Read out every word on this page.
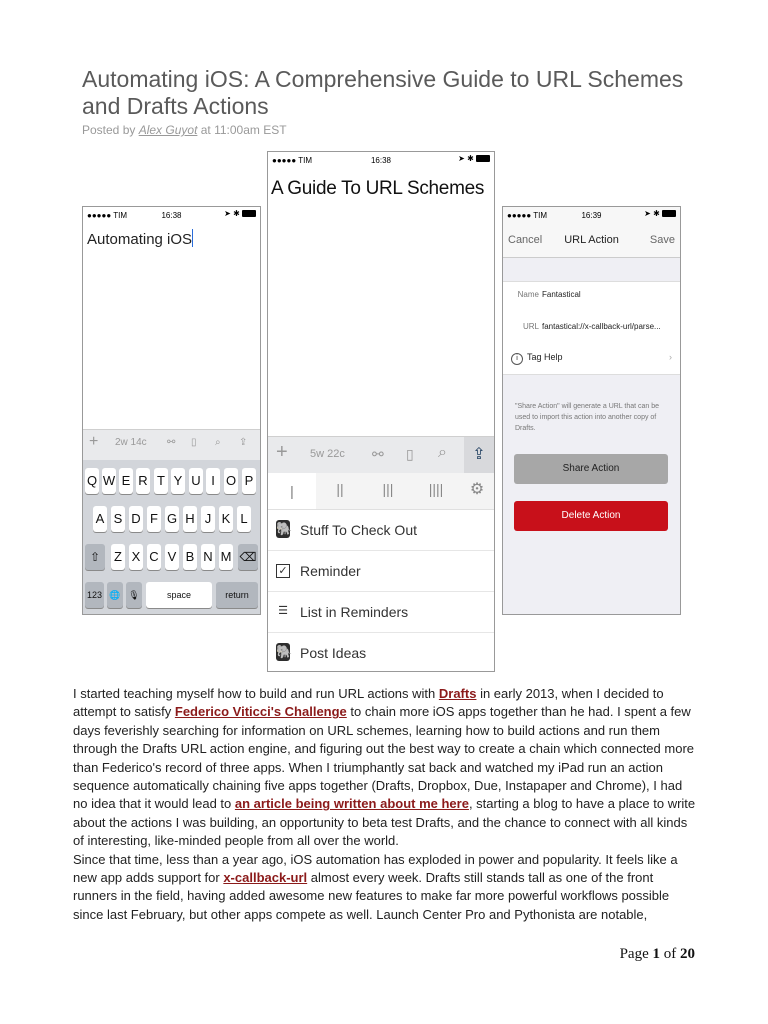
Automating iOS: A Comprehensive Guide to URL Schemes and Drafts Actions
Posted by Alex Guyot at 11:00am EST
●●●●● TIM	16:38	➤ ✱
Automating iOS
+ 2w 14c ⚯ ▯ ⌕ ⇪
Q W E R T Y U I O P
A S D F G H J K L
⇧	Z X C V B N M ⌫
123 🌐 🎙	space	return
●●●●● TIM	16:38	➤ ✱
A Guide To URL Schemes
+ 5w 22c ⚯ ▯ ⌕	⇪
|	||	|||	||||	⚙
🐘 Stuff To Check Out
✓ Reminder
☰ List in Reminders
🐘 Post Ideas
●●●●● TIM	16:39	➤ ✱
Cancel	URL Action	Save
Name Fantastical
URL fantastical://x-callback-url/parse...
i Tag Help	›
"Share Action" will generate a URL that can be used to import this action into another copy of Drafts.
Share Action
Delete Action

I started teaching myself how to build and run URL actions with Drafts in early 2013, when I decided to attempt to satisfy Federico Viticci's Challenge to chain more iOS apps together than he had. I spent a few days feverishly searching for information on URL schemes, learning how to build actions and run them through the Drafts URL action engine, and figuring out the best way to create a chain which connected more than Federico's record of three apps. When I triumphantly sat back and watched my iPad run an action sequence automatically chaining five apps together (Drafts, Dropbox, Due, Instapaper and Chrome), I had no idea that it would lead to an article being written about me here, starting a blog to have a place to write about the actions I was building, an opportunity to beta test Drafts, and the chance to connect with all kinds of interesting, like-minded people from all over the world.
Since that time, less than a year ago, iOS automation has exploded in power and popularity. It feels like a new app adds support for x-callback-url almost every week. Drafts still stands tall as one of the front runners in the field, having added awesome new features to make far more powerful workflows possible since last February, but other apps compete as well. Launch Center Pro and Pythonista are notable,

Page 1 of 20
